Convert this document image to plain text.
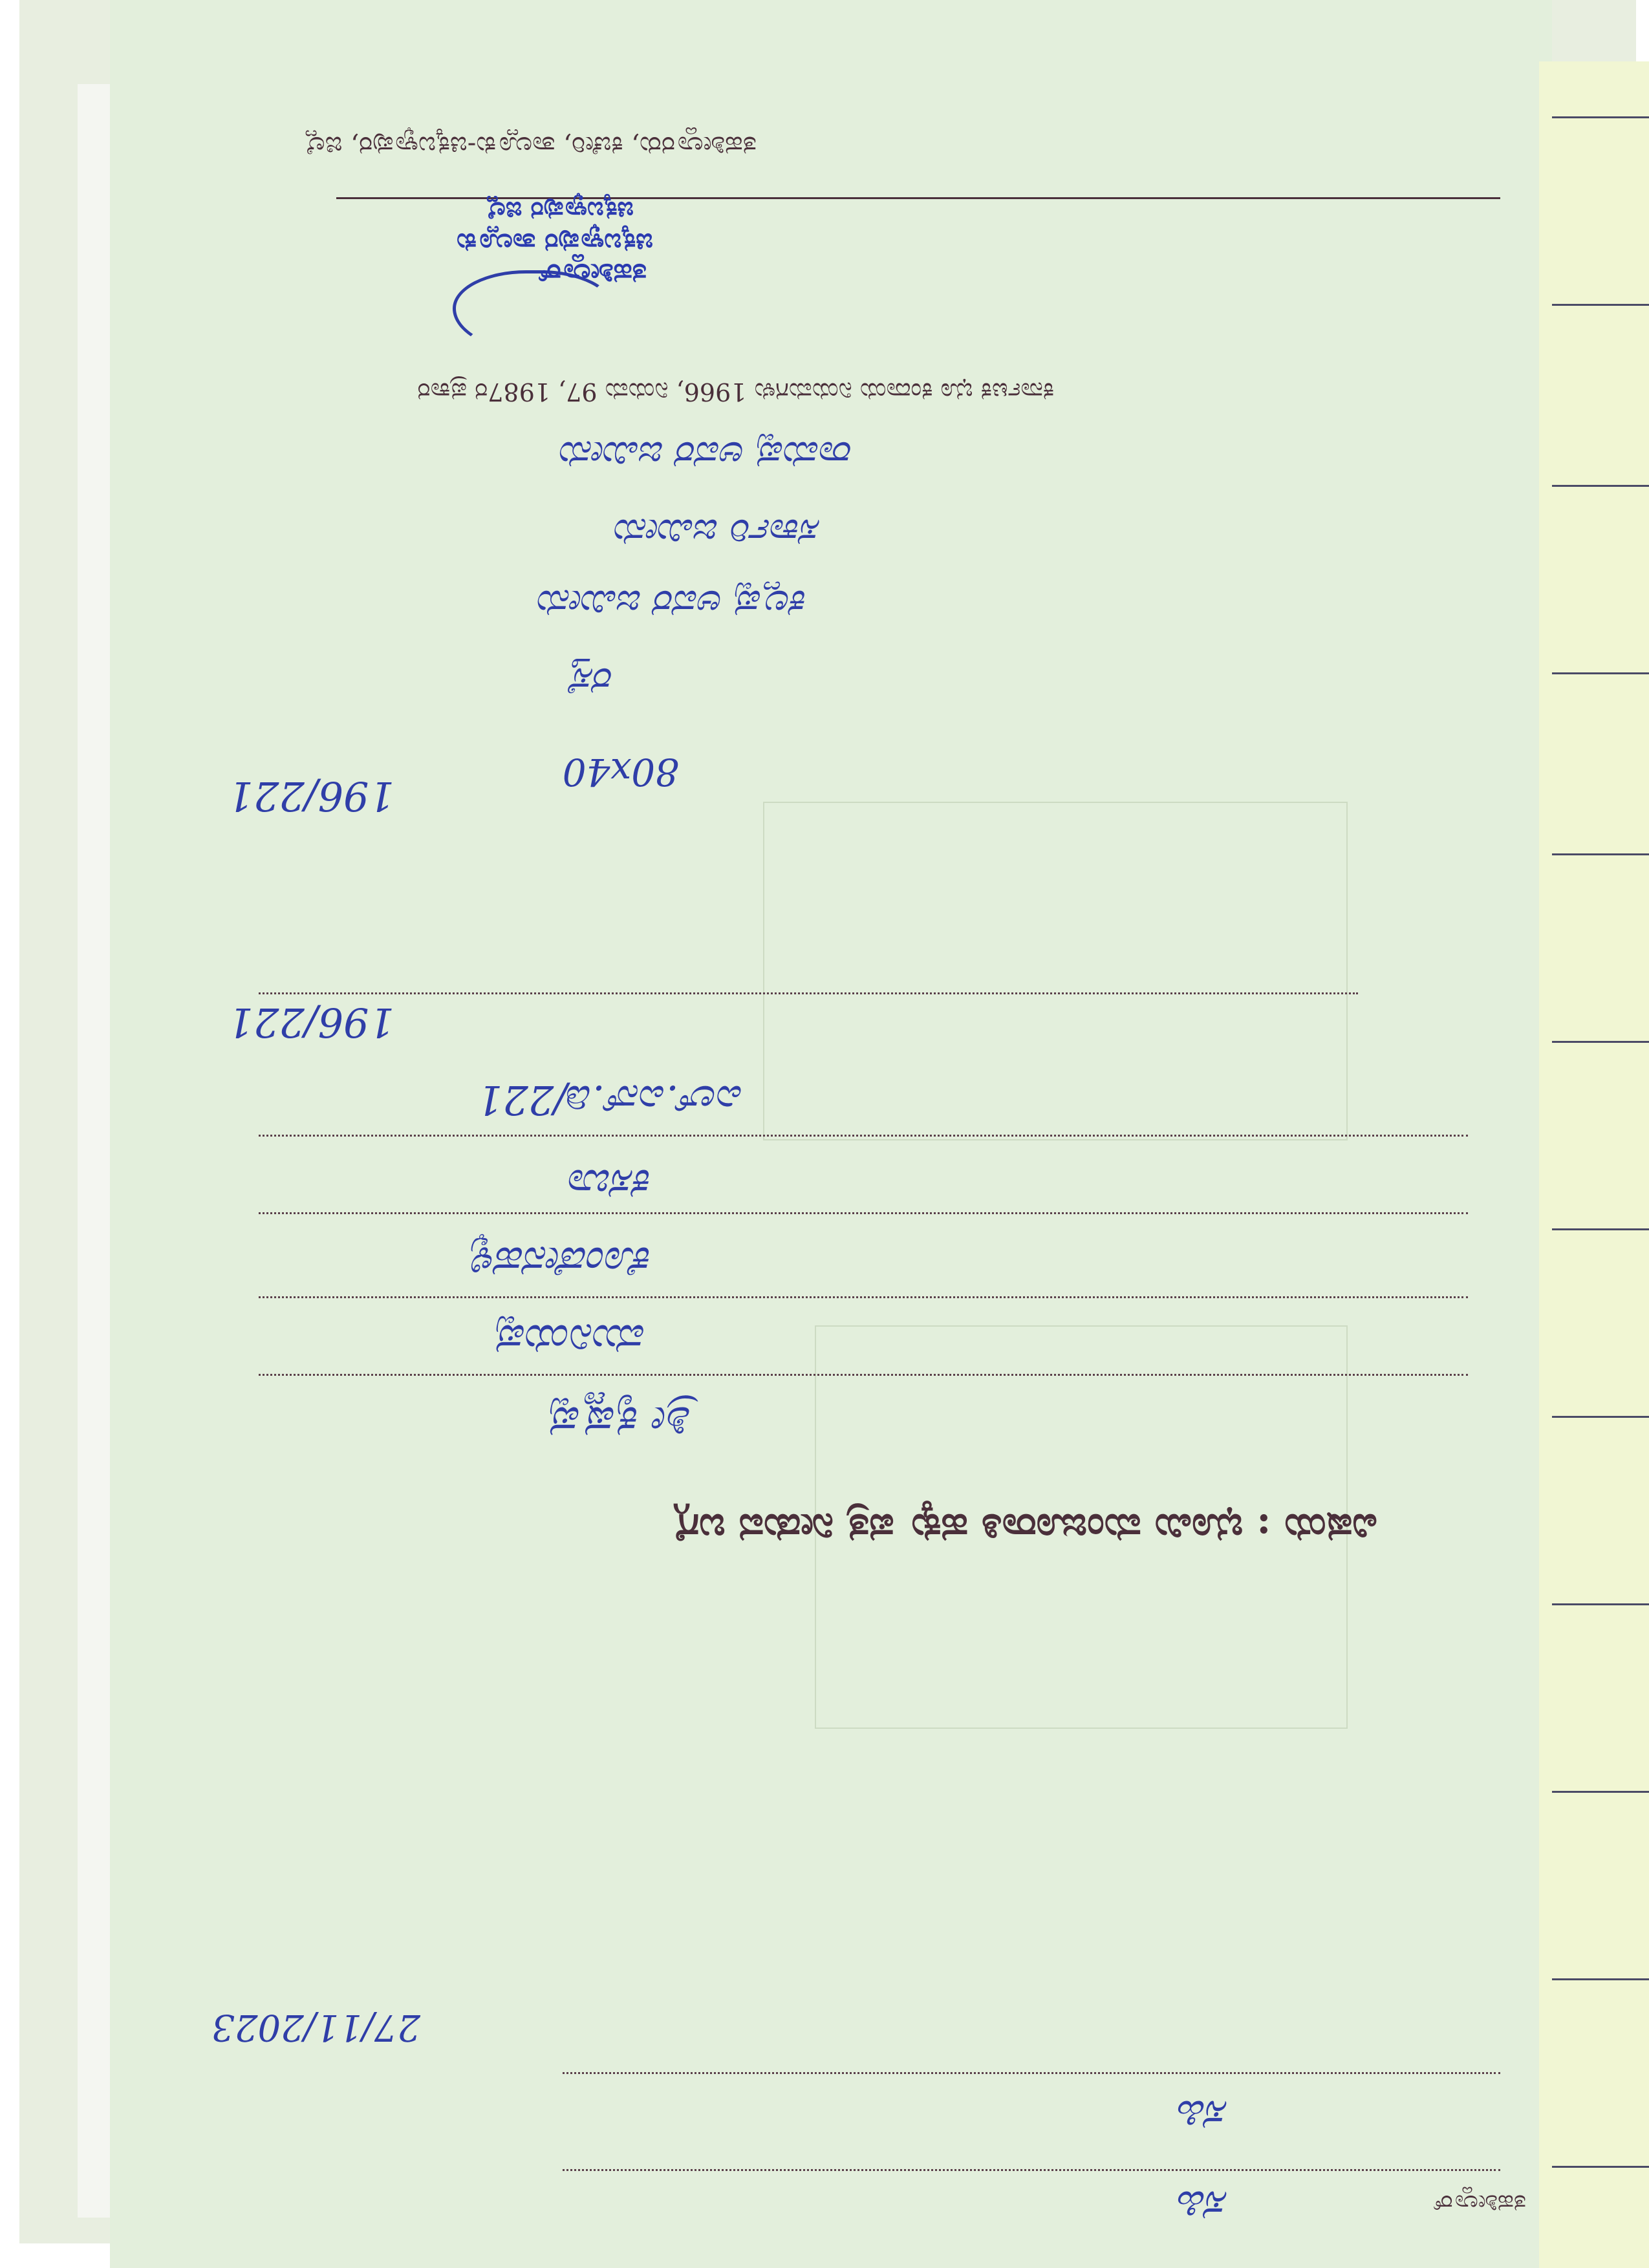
ತಹಶೀಲ್ದಾರರು, ಕಚೇರಿ, ತಾಲ್ಲೂಕು-ಚಿಕ್ಕಬಳ್ಳಾಪುರ, ಜಿಲ್ಲೆ
ತಹಶೀಲ್ದಾರ್
ಸಹಿ
ಸಹಿ
27/11/2023
ವಿಷಯ : ಭೂಮಿ ಮಂಜೂರಾತಿ ಹಕ್ಕು ಪತ್ರ ನೀಡುವ ಬಗ್ಗೆ
ಶ್ರೀ ಕೃಷ್ಣಪ್ಪ
ಮುನಿಯಪ್ಪ
ಕೊಂಡೇನಹಳ್ಳಿ
ಕಸಬಾ
ಎಲ್.ಎನ್.ಡಿ/221
196/221
196/221
80x40
ರಸ್ತೆ
ಕಲ್ಲಪ್ಪ ಅವರ ಜಮೀನು
ಸರ್ಕಾರಿ ಜಮೀನು
ರಾಮಪ್ಪ ಅವರ ಜಮೀನು
ಕರ್ನಾಟಕ ಭೂ ಕಂದಾಯ ನಿಯಮಗಳು 1966, ನಿಯಮ 97, 1987ರ ಪ್ರಕಾರ
ತಹಶೀಲ್ದಾರ್
ಚಿಕ್ಕಬಳ್ಳಾಪುರ ತಾಲ್ಲೂಕು
ಚಿಕ್ಕಬಳ್ಳಾಪುರ ಜಿಲ್ಲೆ
